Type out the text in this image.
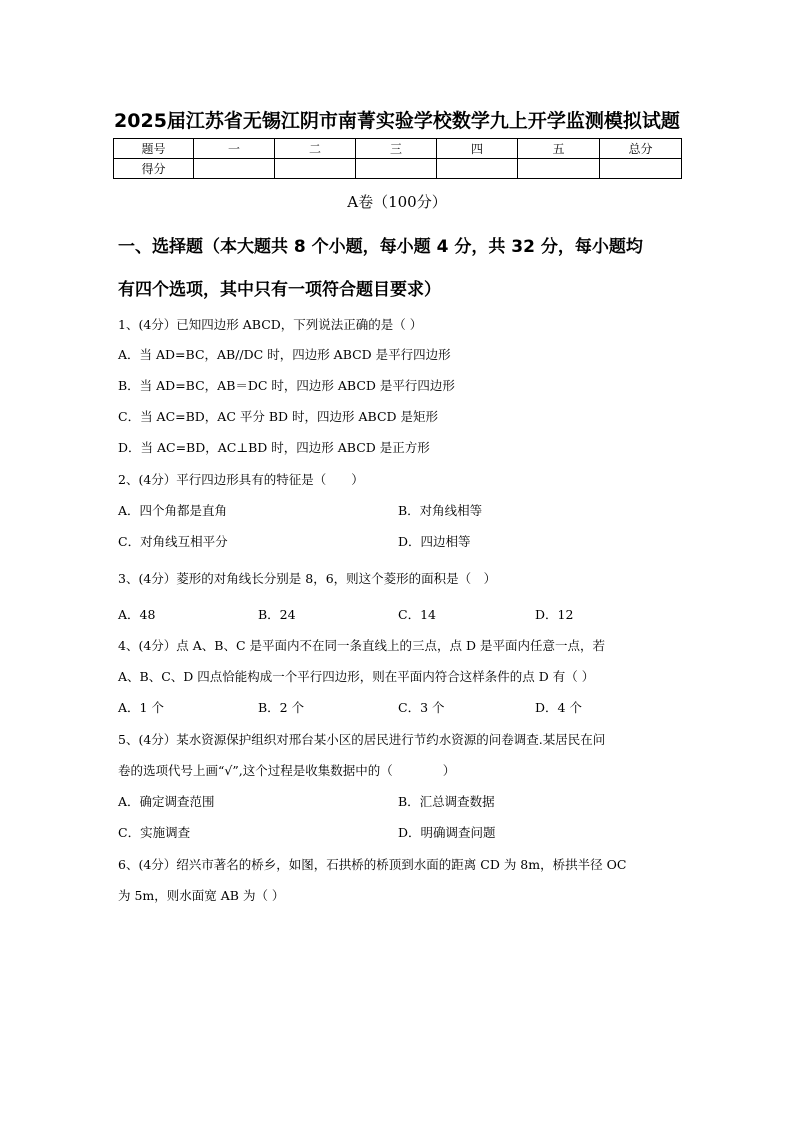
2025届江苏省无锡江阴市南菁实验学校数学九上开学监测模拟试题
题号	一	二	三	四	五	总分
得分						
A卷（100分）
一、选择题（本大题共 8 个小题，每小题 4 分，共 32 分，每小题均
有四个选项，其中只有一项符合题目要求）
1、(4分）已知四边形 ABCD，下列说法正确的是（ ）
A．当 AD=BC，AB//DC 时，四边形 ABCD 是平行四边形
B．当 AD=BC，AB＝DC 时，四边形 ABCD 是平行四边形
C．当 AC=BD，AC 平分 BD 时，四边形 ABCD 是矩形
D．当 AC=BD，AC⊥BD 时，四边形 ABCD 是正方形
2、(4分）平行四边形具有的特征是（　　）
A．四个角都是直角	B．对角线相等
C．对角线互相平分	D．四边相等
3、(4分）菱形的对角线长分别是 8，6，则这个菱形的面积是（　）
A．48	B．24	C．14	D．12
4、(4分）点 A、B、C 是平面内不在同一条直线上的三点，点 D 是平面内任意一点，若
A、B、C、D 四点恰能构成一个平行四边形，则在平面内符合这样条件的点 D 有（ ）
A．1 个	B．2 个	C．3 个	D．4 个
5、(4分）某水资源保护组织对邢台某小区的居民进行节约水资源的问卷调查.某居民在问
卷的选项代号上画“√”,这个过程是收集数据中的（　　　　）
A．确定调查范围	B．汇总调查数据
C．实施调查	D．明确调查问题
6、(4分）绍兴市著名的桥乡，如图，石拱桥的桥顶到水面的距离 CD 为 8m，桥拱半径 OC
为 5m，则水面宽 AB 为（ ）
